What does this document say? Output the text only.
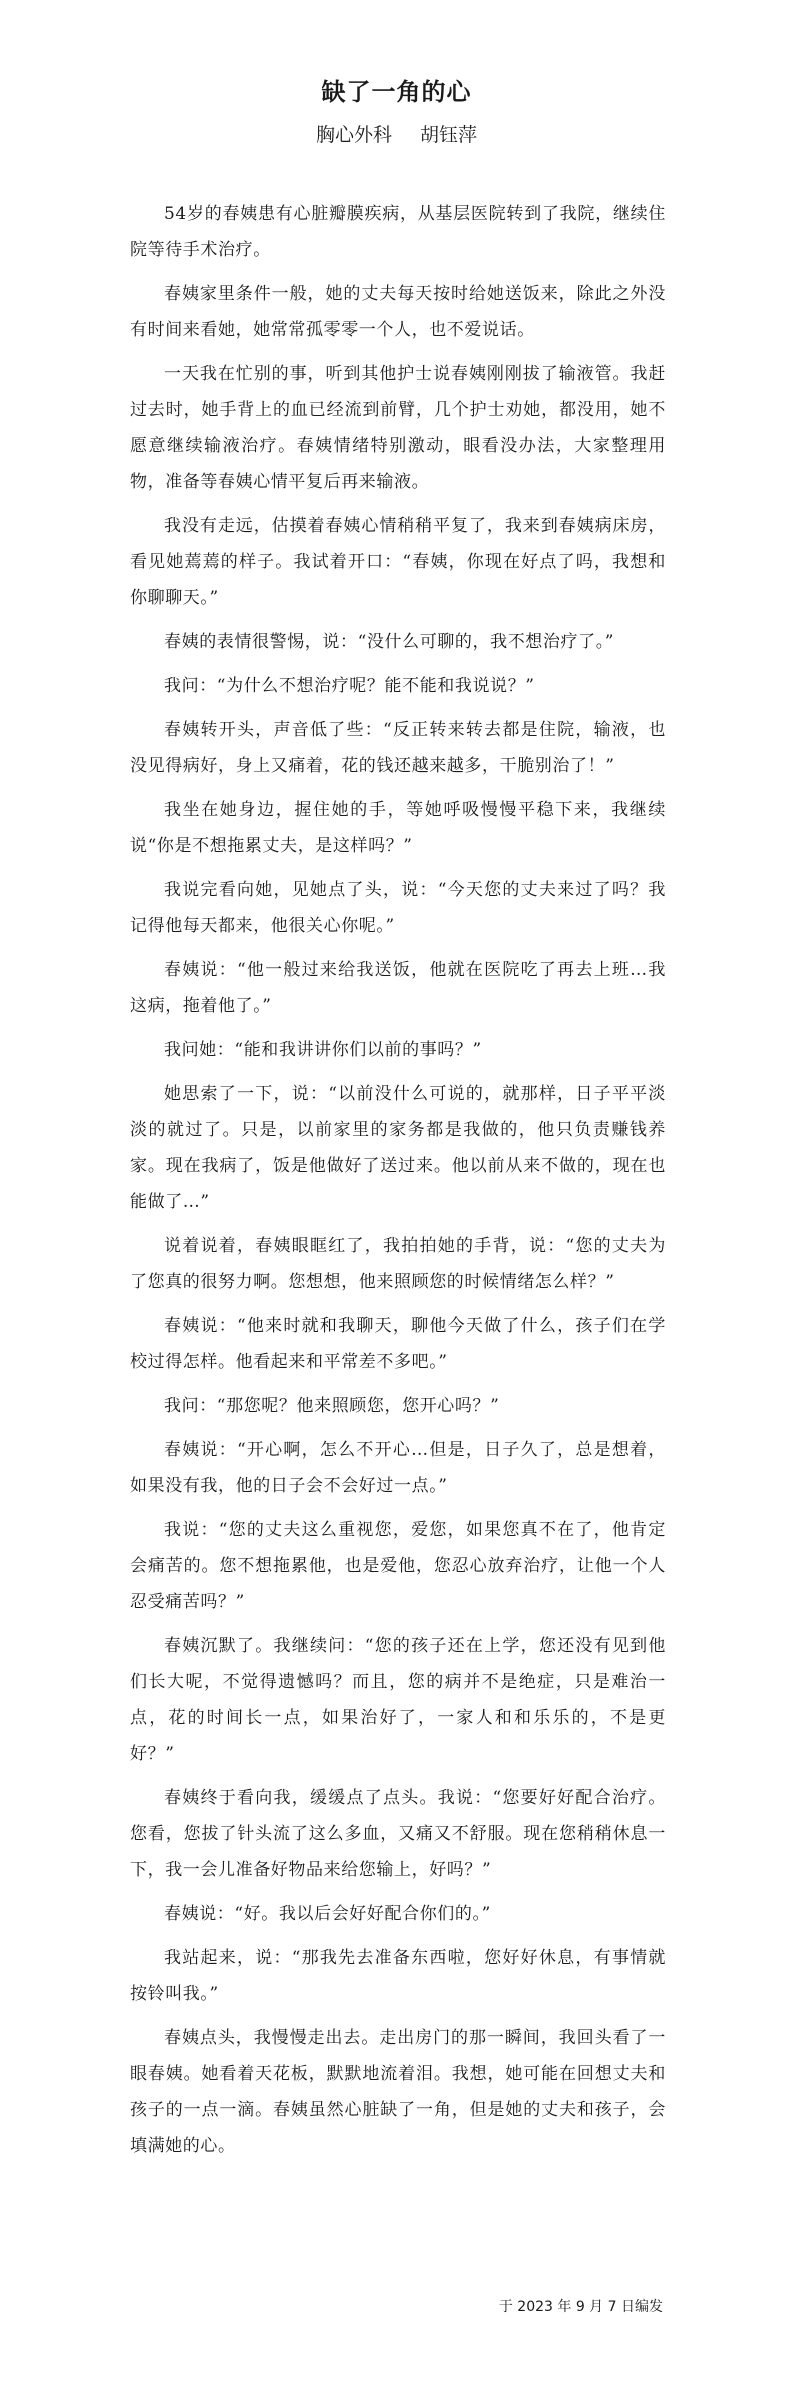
缺了一角的心

胸心外科 胡钰萍

54岁的春姨患有心脏瓣膜疾病，从基层医院转到了我院，继续住院等待手术治疗。

春姨家里条件一般，她的丈夫每天按时给她送饭来，除此之外没有时间来看她，她常常孤零零一个人，也不爱说话。

一天我在忙别的事，听到其他护士说春姨刚刚拔了输液管。我赶过去时，她手背上的血已经流到前臂，几个护士劝她，都没用，她不愿意继续输液治疗。春姨情绪特别激动，眼看没办法，大家整理用物，准备等春姨心情平复后再来输液。

我没有走远，估摸着春姨心情稍稍平复了，我来到春姨病床房，看见她蔫蔫的样子。我试着开口：“春姨，你现在好点了吗，我想和你聊聊天。”

春姨的表情很警惕，说：“没什么可聊的，我不想治疗了。”

我问：“为什么不想治疗呢？能不能和我说说？”

春姨转开头，声音低了些：“反正转来转去都是住院，输液，也没见得病好，身上又痛着，花的钱还越来越多，干脆别治了！”

我坐在她身边，握住她的手，等她呼吸慢慢平稳下来，我继续说“你是不想拖累丈夫，是这样吗？”

我说完看向她，见她点了头，说：“今天您的丈夫来过了吗？我记得他每天都来，他很关心你呢。”

春姨说：“他一般过来给我送饭，他就在医院吃了再去上班…我这病，拖着他了。”

我问她：“能和我讲讲你们以前的事吗？”

她思索了一下，说：“以前没什么可说的，就那样，日子平平淡淡的就过了。只是，以前家里的家务都是我做的，他只负责赚钱养家。现在我病了，饭是他做好了送过来。他以前从来不做的，现在也能做了…”

说着说着，春姨眼眶红了，我拍拍她的手背，说：“您的丈夫为了您真的很努力啊。您想想，他来照顾您的时候情绪怎么样？”

春姨说：“他来时就和我聊天，聊他今天做了什么，孩子们在学校过得怎样。他看起来和平常差不多吧。”

我问：“那您呢？他来照顾您，您开心吗？”

春姨说：“开心啊，怎么不开心…但是，日子久了，总是想着，如果没有我，他的日子会不会好过一点。”

我说：“您的丈夫这么重视您，爱您，如果您真不在了，他肯定会痛苦的。您不想拖累他，也是爱他，您忍心放弃治疗，让他一个人忍受痛苦吗？”

春姨沉默了。我继续问：“您的孩子还在上学，您还没有见到他们长大呢，不觉得遗憾吗？而且，您的病并不是绝症，只是难治一点，花的时间长一点，如果治好了，一家人和和乐乐的，不是更好？”

春姨终于看向我，缓缓点了点头。我说：“您要好好配合治疗。您看，您拔了针头流了这么多血，又痛又不舒服。现在您稍稍休息一下，我一会儿准备好物品来给您输上，好吗？”

春姨说：“好。我以后会好好配合你们的。”

我站起来，说：“那我先去准备东西啦，您好好休息，有事情就按铃叫我。”

春姨点头，我慢慢走出去。走出房门的那一瞬间，我回头看了一眼春姨。她看着天花板，默默地流着泪。我想，她可能在回想丈夫和孩子的一点一滴。春姨虽然心脏缺了一角，但是她的丈夫和孩子，会填满她的心。

于 2023 年 9 月 7 日编发
